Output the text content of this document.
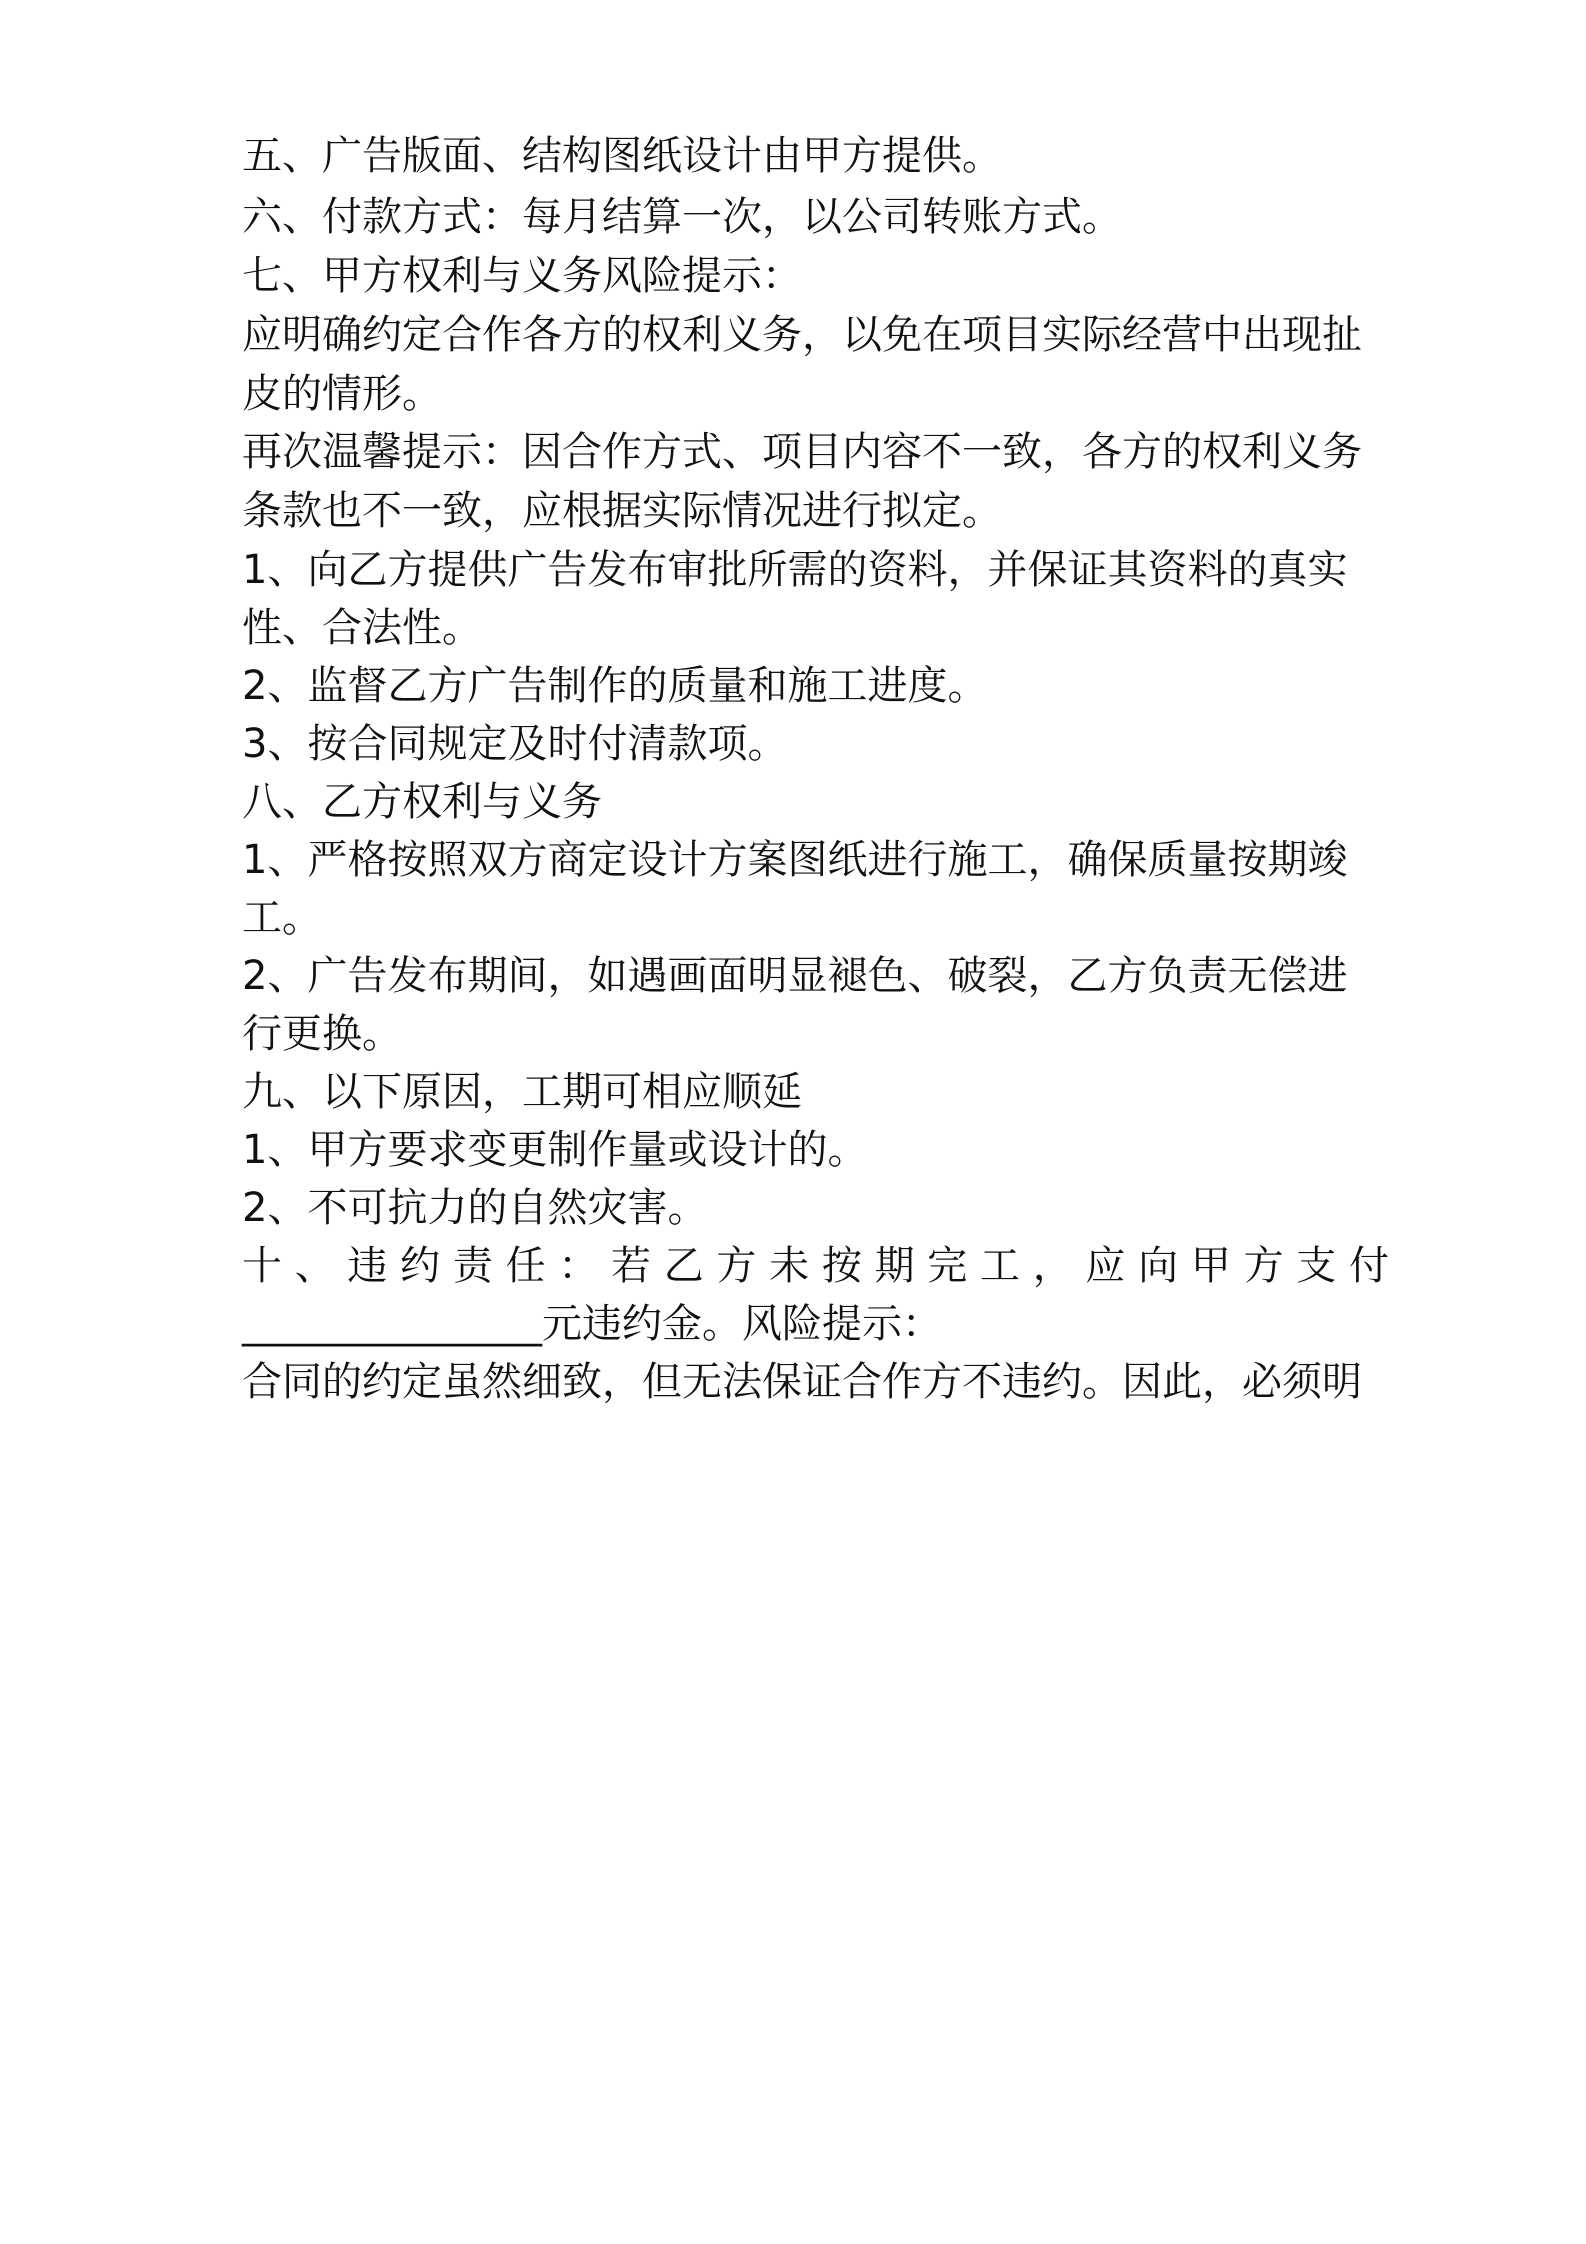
五、广告版面、结构图纸设计由甲方提供。
六、付款方式：每月结算一次，以公司转账方式。
七、甲方权利与义务风险提示：
应明确约定合作各方的权利义务，以免在项目实际经营中出现扯
皮的情形。
再次温馨提示：因合作方式、项目内容不一致，各方的权利义务
条款也不一致，应根据实际情况进行拟定。
1、向乙方提供广告发布审批所需的资料，并保证其资料的真实
性、合法性。
2、监督乙方广告制作的质量和施工进度。
3、按合同规定及时付清款项。
八、乙方权利与义务
1、严格按照双方商定设计方案图纸进行施工，确保质量按期竣
工。
2、广告发布期间，如遇画面明显褪色、破裂，乙方负责无偿进
行更换。
九、以下原因，工期可相应顺延
1、甲方要求变更制作量或设计的。
2、不可抗力的自然灾害。
十 、 违 约 责 任 ： 若 乙 方 未 按 期 完 工 ， 应 向 甲 方 支 付
_______________元违约金。风险提示：
合同的约定虽然细致，但无法保证合作方不违约。因此，必须明
